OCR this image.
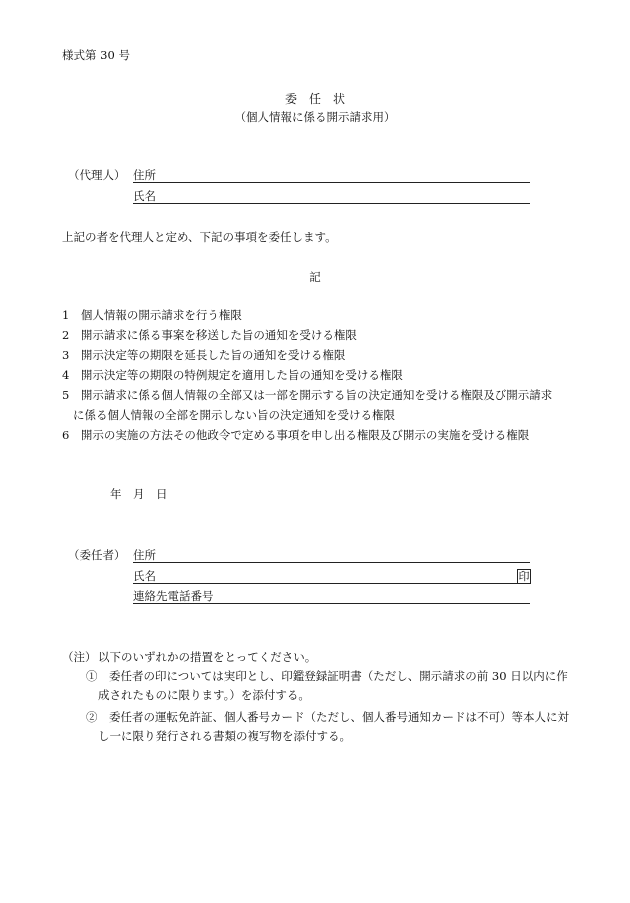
様式第 30 号
委　任　状
（個人情報に係る開示請求用）
（代理人） 住所
氏名
上記の者を代理人と定め、下記の事項を委任します。
記
1　個人情報の開示請求を行う権限
2　開示請求に係る事案を移送した旨の通知を受ける権限
3　開示決定等の期限を延長した旨の通知を受ける権限
4　開示決定等の期限の特例規定を適用した旨の通知を受ける権限
5　開示請求に係る個人情報の全部又は一部を開示する旨の決定通知を受ける権限及び開示請求
に係る個人情報の全部を開示しない旨の決定通知を受ける権限
6　開示の実施の方法その他政令で定める事項を申し出る権限及び開示の実施を受ける権限
年　月　日
（委任者） 住所
氏名	印
連絡先電話番号
（注） 以下のいずれかの措置をとってください。
①　委任者の印については実印とし、印鑑登録証明書（ただし、開示請求の前 30 日以内に作
成されたものに限ります。）を添付する。
②　委任者の運転免許証、個人番号カード（ただし、個人番号通知カードは不可）等本人に対
し一に限り発行される書類の複写物を添付する。
